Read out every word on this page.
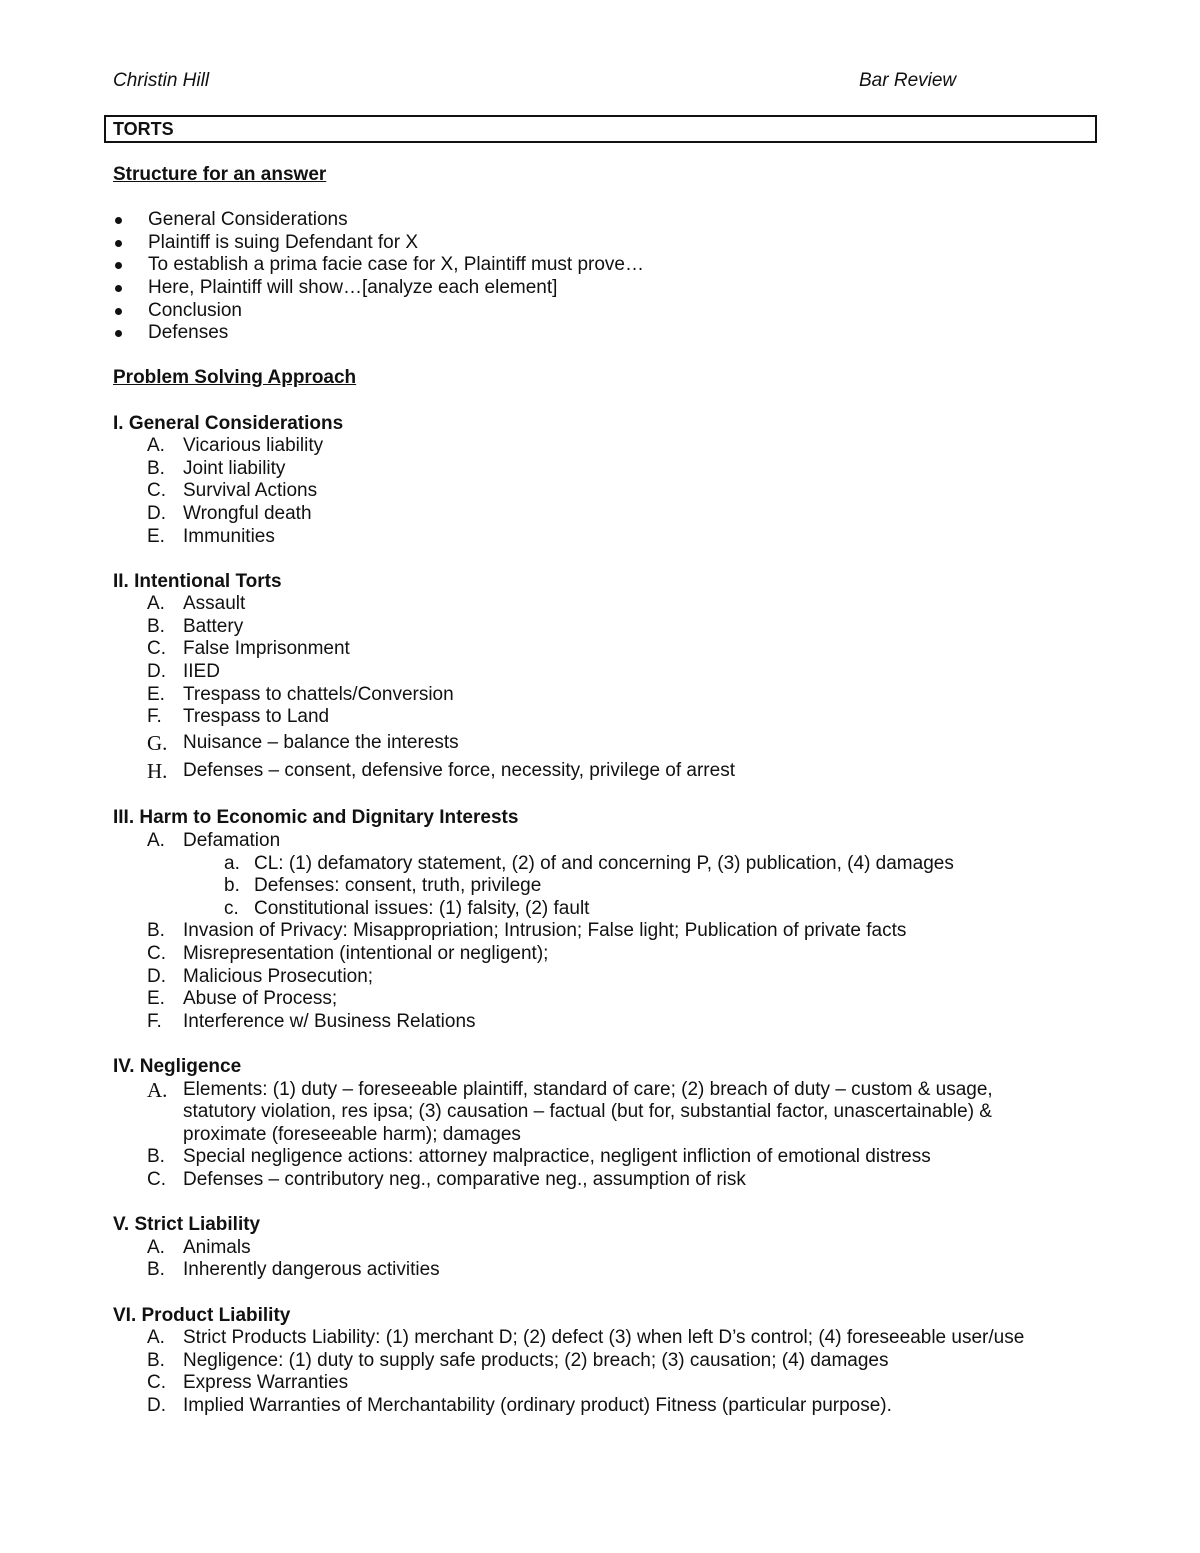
Christin Hill	Bar Review
TORTS
Structure for an answer
General Considerations
Plaintiff is suing Defendant for X
To establish a prima facie case for X, Plaintiff must prove…
Here, Plaintiff will show…[analyze each element]
Conclusion
Defenses
Problem Solving Approach
I. General Considerations
A. Vicarious liability
B. Joint liability
C. Survival Actions
D. Wrongful death
E. Immunities
II. Intentional Torts
A. Assault
B. Battery
C. False Imprisonment
D. IIED
E. Trespass to chattels/Conversion
F. Trespass to Land
G. Nuisance – balance the interests
H. Defenses – consent, defensive force, necessity, privilege of arrest
III. Harm to Economic and Dignitary Interests
A. Defamation
a. CL: (1) defamatory statement, (2) of and concerning P, (3) publication, (4) damages
b. Defenses: consent, truth, privilege
c. Constitutional issues: (1) falsity, (2) fault
B. Invasion of Privacy: Misappropriation; Intrusion; False light; Publication of private facts
C. Misrepresentation (intentional or negligent);
D. Malicious Prosecution;
E. Abuse of Process;
F. Interference w/ Business Relations
IV. Negligence
A. Elements: (1) duty – foreseeable plaintiff, standard of care; (2) breach of duty – custom & usage, statutory violation, res ipsa; (3) causation – factual (but for, substantial factor, unascertainable) & proximate (foreseeable harm); damages
B. Special negligence actions: attorney malpractice, negligent infliction of emotional distress
C. Defenses – contributory neg., comparative neg., assumption of risk
V. Strict Liability
A. Animals
B. Inherently dangerous activities
VI. Product Liability
A. Strict Products Liability: (1) merchant D; (2) defect (3) when left D’s control; (4) foreseeable user/use
B. Negligence: (1) duty to supply safe products; (2) breach; (3) causation; (4) damages
C. Express Warranties
D. Implied Warranties of Merchantability (ordinary product) Fitness (particular purpose).
